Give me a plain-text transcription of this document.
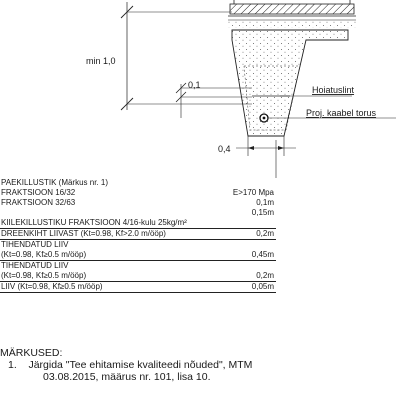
min 1,0
0,1	Hoiatuslint
Proj. kaabel torus
0,4
PAEKILLUSTIK (Märkus nr. 1)
FRAKTSIOON 16/32	E>170 Mpa
FRAKTSIOON 32/63	0,1m
0,15m
KIILEKILLUSTIKU FRAKTSIOON 4/16-kulu 25kg/m²
DREENKIHT LIIVAST (Kt=0.98, Kf>2.0 m/ööp)	0,2m
TIHENDATUD LIIV
(Kt=0.98, Kf≥0.5 m/ööp)	0,45m
TIHENDATUD LIIV
(Kt=0.98, Kf≥0.5 m/ööp)	0,2m
LIIV (Kt=0.98, Kf≥0.5 m/ööp)	0,05m
MÄRKUSED:
1. Järgida "Tee ehitamise kvaliteedi nõuded", MTM
03.08.2015, määrus nr. 101, lisa 10.
